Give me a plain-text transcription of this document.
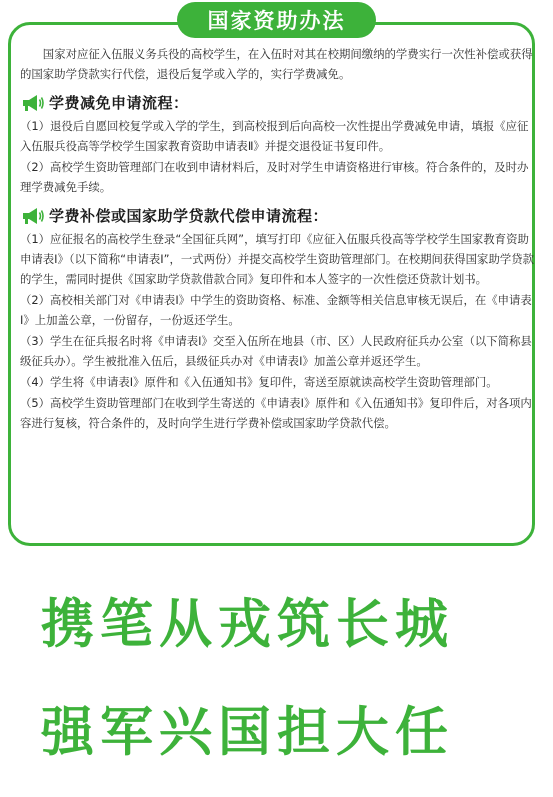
国家资助办法

国家对应征入伍服义务兵役的高校学生，在入伍时对其在校期间缴纳的学费实行一次性补偿或获得的国家助学贷款实行代偿，退役后复学或入学的，实行学费减免。

学费减免申请流程：

（1）退役后自愿回校复学或入学的学生，到高校报到后向高校一次性提出学费减免申请，填报《应征入伍服兵役高等学校学生国家教育资助申请表Ⅱ》并提交退役证书复印件。

（2）高校学生资助管理部门在收到申请材料后，及时对学生申请资格进行审核。符合条件的，及时办理学费减免手续。

学费补偿或国家助学贷款代偿申请流程：

（1）应征报名的高校学生登录“全国征兵网”，填写打印《应征入伍服兵役高等学校学生国家教育资助申请表Ⅰ》（以下简称“申请表Ⅰ”，一式两份）并提交高校学生资助管理部门。在校期间获得国家助学贷款的学生，需同时提供《国家助学贷款借款合同》复印件和本人签字的一次性偿还贷款计划书。

（2）高校相关部门对《申请表Ⅰ》中学生的资助资格、标准、金额等相关信息审核无误后，在《申请表Ⅰ》上加盖公章，一份留存，一份返还学生。

（3）学生在征兵报名时将《申请表Ⅰ》交至入伍所在地县（市、区）人民政府征兵办公室（以下简称县级征兵办）。学生被批准入伍后，县级征兵办对《申请表Ⅰ》加盖公章并返还学生。

（4）学生将《申请表Ⅰ》原件和《入伍通知书》复印件，寄送至原就读高校学生资助管理部门。

（5）高校学生资助管理部门在收到学生寄送的《申请表Ⅰ》原件和《入伍通知书》复印件后，对各项内容进行复核，符合条件的，及时向学生进行学费补偿或国家助学贷款代偿。

携笔从戎筑长城
强军兴国担大任
